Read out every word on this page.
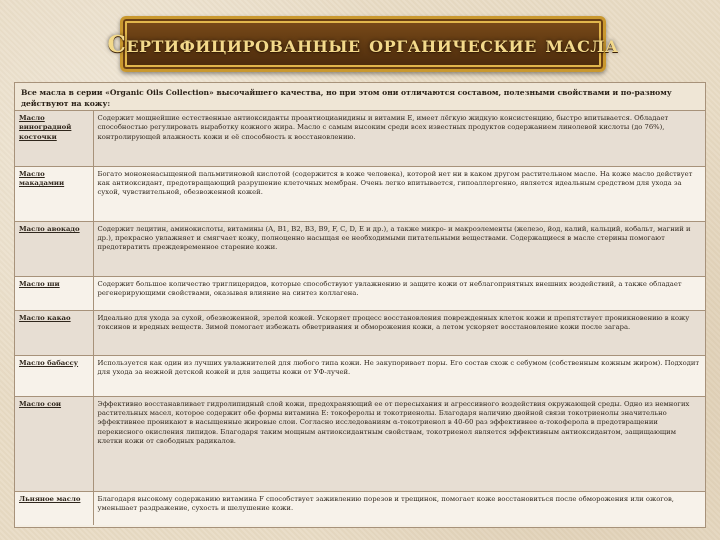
Сертифицированные органические масла
Все масла в серии «Organic Oils Collection» высочайшего качества, но при этом они отличаются составом, полезными свойствами и по-разному действуют на кожу:
Масло виноградной косточки	Содержит мощнейшие естественные антиоксиданты проантиоцианидины и витамин Е, имеет лёгкую жидкую консистенцию, быстро впитывается. Обладает способностью регулировать выработку кожного жира. Масло с самым высоким среди всех известных продуктов содержанием линолевой кислоты (до 76%), контролирующей влажность кожи и её способность к восстановлению.
Масло макадамии	Богато мононенасыщенной пальмитиновой кислотой (содержится в коже человека), которой нет ни в каком другом растительном масле. На коже масло действует как антиоксидант, предотвращающий разрушение клеточных мембран. Очень легко впитывается, гипоаллергенно, является идеальным средством для ухода за сухой, чувствительной, обезвоженной кожей.
Масло авокадо	Содержит лецитин, аминокислоты, витамины (А, В1, В2, В3, В9, F, C, D, Е и др.), а также микро- и макроэлементы (железо, йод, калий, кальций, кобальт, магний и др.), прекрасно увлажняет и смягчает кожу, полноценно насыщая ее необходимыми питательными веществами. Содержащиеся в масле стерины помогают предотвратить преждевременное старение кожи.
Масло ши	Содержит большое количество триглицеридов, которые способствуют увлажнению и защите кожи от неблагоприятных внешних воздействий, а также обладает регенерирующими свойствами, оказывая влияние на синтез коллагена.
Масло какао	Идеально для ухода за сухой, обезвоженной, зрелой кожей. Ускоряет процесс восстановления поврежденных клеток кожи и препятствует проникновению в кожу токсинов и вредных веществ. Зимой помогает избежать обветривания и обморожения кожи, а летом ускоряет восстановление кожи после загара.
Масло бабассу	Используется как один из лучших увлажнителей для любого типа кожи. Не закупоривает поры. Его состав схож с себумом (собственным кожным жиром). Подходит для ухода за нежной детской кожей и для защиты кожи от УФ-лучей.
Масло сои	Эффективно восстанавливает гидролипидный слой кожи, предохраняющий ее от пересыхания и агрессивного воздействия окружающей среды. Одно из немногих растительных масел, которое содержит обе формы витамина Е: токоферолы и токотриенолы. Благодаря наличию двойной связи токотриенолы значительно эффективнее проникают в насыщенные жировые слои. Согласно исследованиям α-токотриенол в 40-60 раз эффективнее α-токоферола в предотвращении перекисного окисления липидов. Благодаря таким мощным антиоксидантным свойствам, токотриенол является эффективным антиоксидантом, защищающим клетки кожи от свободных радикалов.
Льняное масло	Благодаря высокому содержанию витамина F способствует заживлению порезов и трещинок, помогает коже восстановиться после обморожения или ожогов, уменьшает раздражение, сухость и шелушение кожи.
